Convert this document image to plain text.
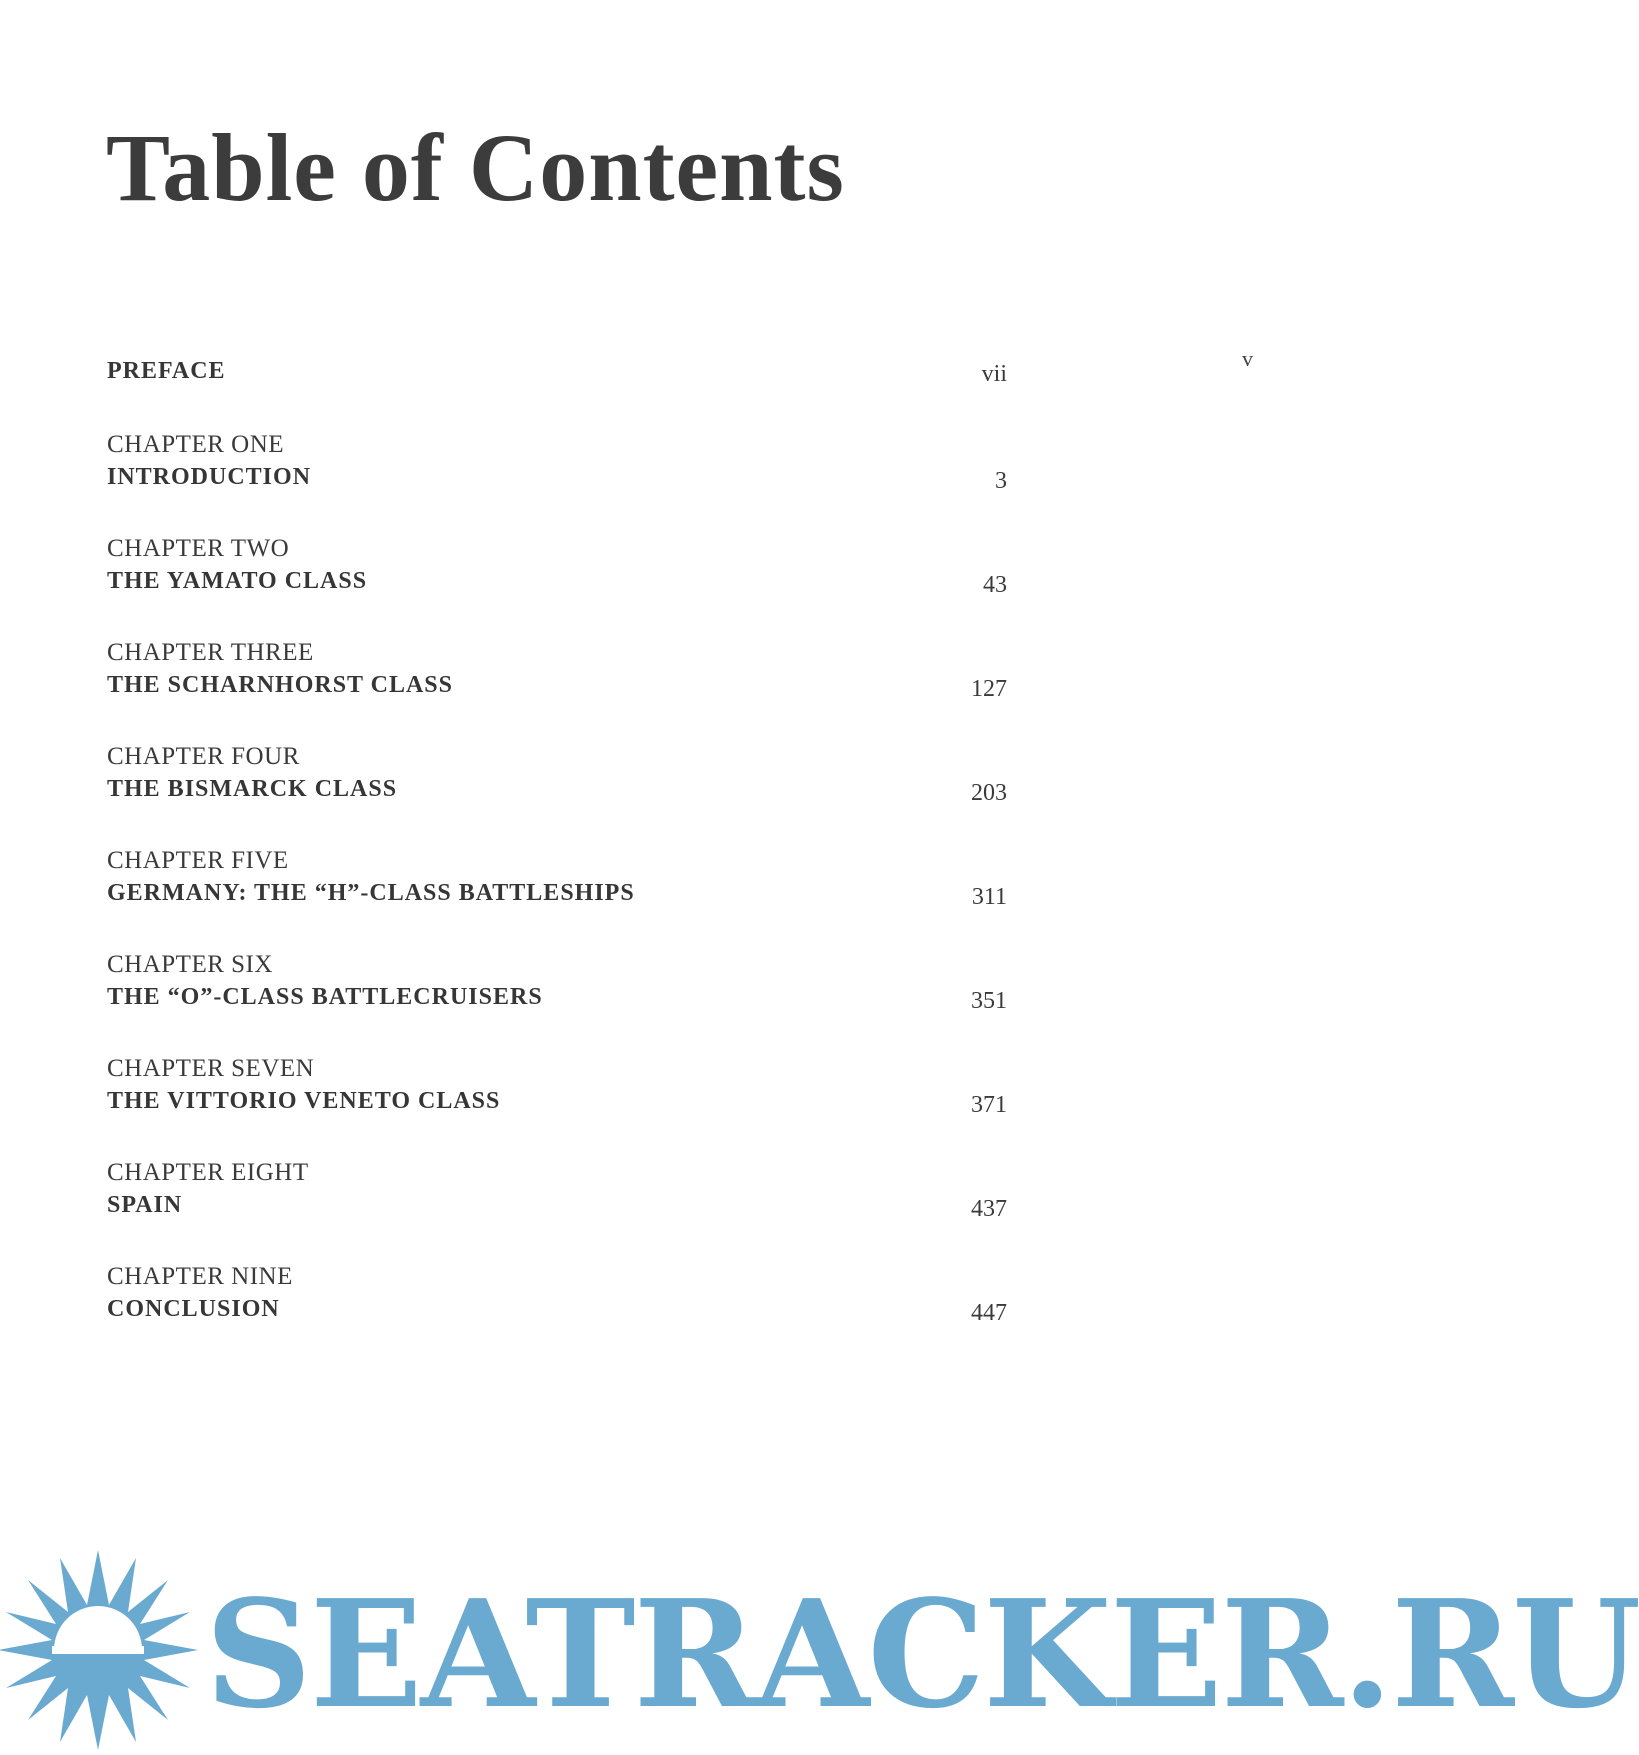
Table of Contents
v
PREFACE	vii
CHAPTER ONE
INTRODUCTION	3
CHAPTER TWO
THE YAMATO CLASS	43
CHAPTER THREE
THE SCHARNHORST CLASS	127
CHAPTER FOUR
THE BISMARCK CLASS	203
CHAPTER FIVE
GERMANY: THE “H”-CLASS BATTLESHIPS	311
CHAPTER SIX
THE “O”-CLASS BATTLECRUISERS	351
CHAPTER SEVEN
THE VITTORIO VENETO CLASS	371
CHAPTER EIGHT
SPAIN	437
CHAPTER NINE
CONCLUSION	447
SEATRACKER.RU
